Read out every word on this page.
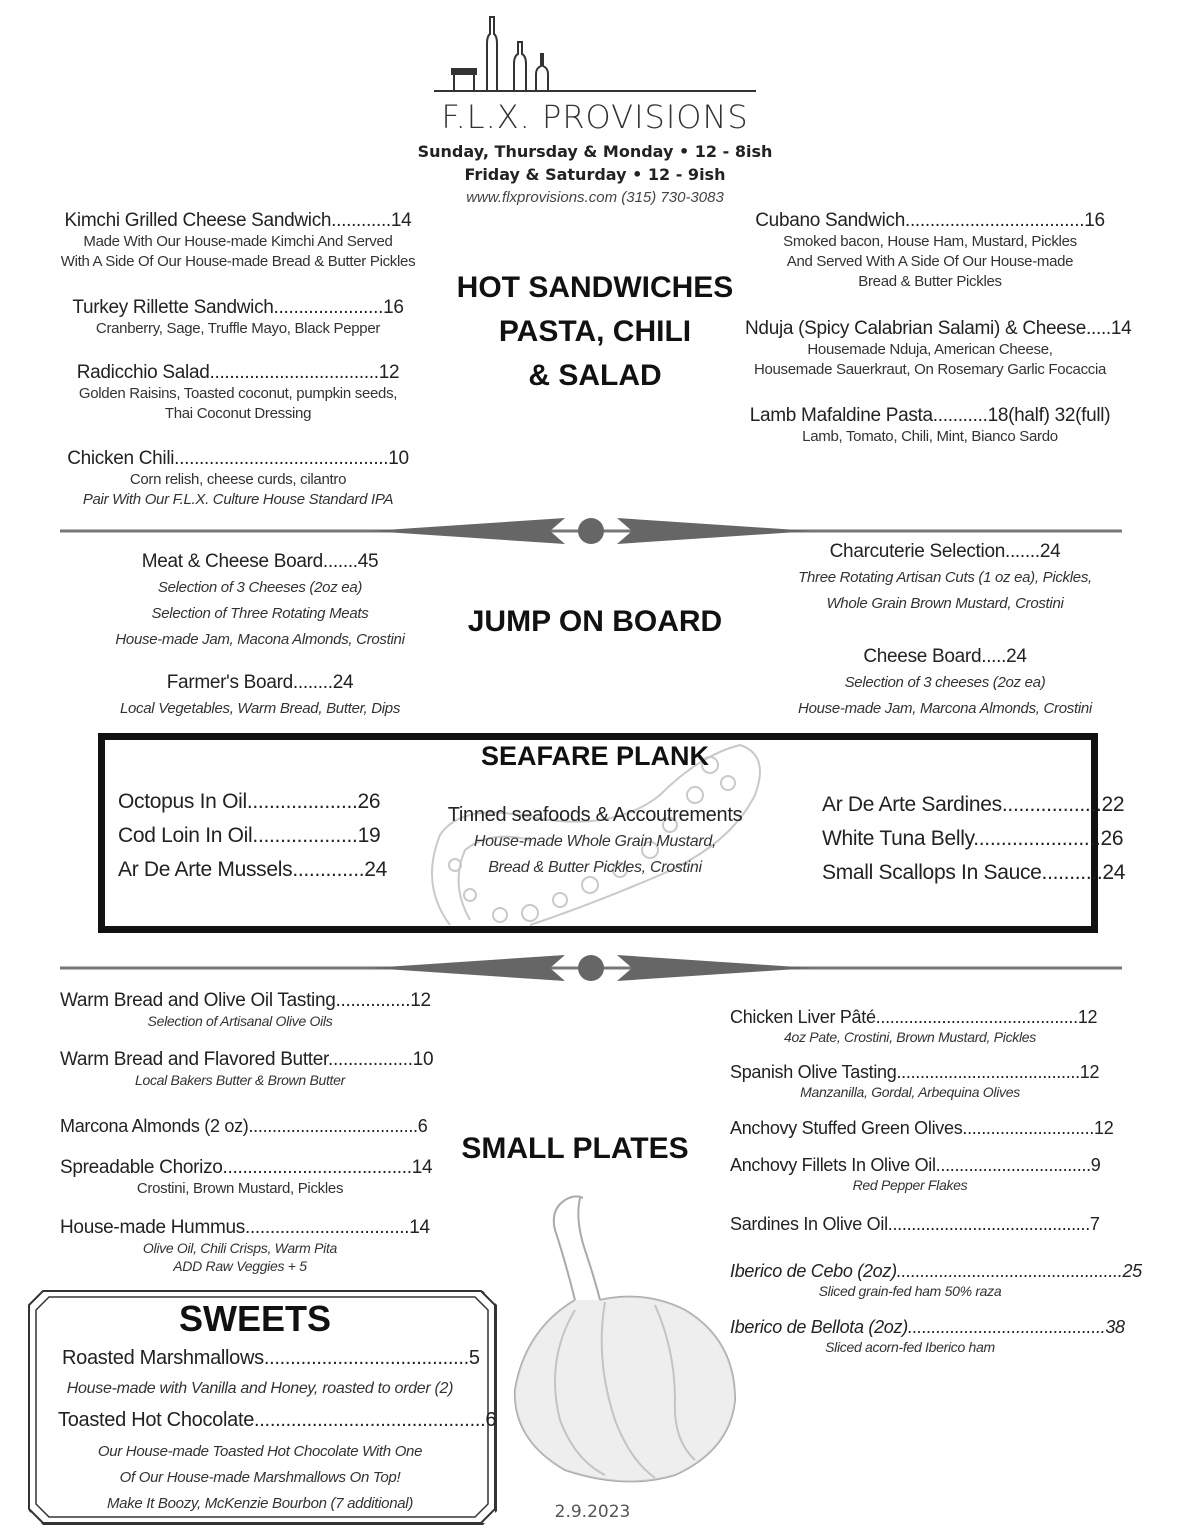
F.L.X. PROVISIONS
Sunday, Thursday & Monday • 12 - 8ish
Friday & Saturday • 12 - 9ish
www.flxprovisions.com (315) 730-3083
HOT SANDWICHES
PASTA, CHILI
& SALAD
Kimchi Grilled Cheese Sandwich............14
Made With Our House-made Kimchi And Served
With A Side Of Our House-made Bread & Butter Pickles
Turkey Rillette Sandwich......................16
Cranberry, Sage, Truffle Mayo, Black Pepper
Radicchio Salad..................................12
Golden Raisins, Toasted coconut, pumpkin seeds,
Thai Coconut Dressing
Chicken Chili...........................................10
Corn relish, cheese curds, cilantro
Pair With Our F.L.X. Culture House Standard IPA
Cubano Sandwich....................................16
Smoked bacon, House Ham, Mustard, Pickles
And Served With A Side Of Our House-made
Bread & Butter Pickles
Nduja (Spicy Calabrian Salami) & Cheese.....14
Housemade Nduja, American Cheese,
Housemade Sauerkraut, On Rosemary Garlic Focaccia
Lamb Mafaldine Pasta...........18(half) 32(full)
Lamb, Tomato, Chili, Mint, Bianco Sardo
JUMP ON BOARD
Meat & Cheese Board.......45
Selection of 3 Cheeses (2oz ea)
Selection of Three Rotating Meats
House-made Jam, Macona Almonds, Crostini
Farmer's Board........24
Local Vegetables, Warm Bread, Butter, Dips
Charcuterie Selection.......24
Three Rotating Artisan Cuts (1 oz ea), Pickles,
Whole Grain Brown Mustard, Crostini
Cheese Board.....24
Selection of 3 cheeses (2oz ea)
House-made Jam, Marcona Almonds, Crostini
SEAFARE PLANK
Tinned seafoods & Accoutrements
House-made Whole Grain Mustard,
Bread & Butter Pickles, Crostini
Octopus In Oil....................26
Cod Loin In Oil...................19
Ar De Arte Mussels.............24
Ar De Arte Sardines..................22
White Tuna Belly.......................26
Small Scallops In Sauce...........24
SMALL PLATES
Warm Bread and Olive Oil Tasting...............12
Selection of Artisanal Olive Oils
Warm Bread and Flavored Butter.................10
Local Bakers Butter & Brown Butter
Marcona Almonds (2 oz)....................................6
Spreadable Chorizo......................................14
Crostini, Brown Mustard, Pickles
House-made Hummus.................................14
Olive Oil, Chili Crisps, Warm Pita
ADD Raw Veggies + 5
Chicken Liver Pâté...........................................12
4oz Pate, Crostini, Brown Mustard, Pickles
Spanish Olive Tasting.......................................12
Manzanilla, Gordal, Arbequina Olives
Anchovy Stuffed Green Olives............................12
Anchovy Fillets In Olive Oil.................................9
Red Pepper Flakes
Sardines In Olive Oil...........................................7
Iberico de Cebo (2oz)................................................25
Sliced grain-fed ham 50% raza
Iberico de Bellota (2oz)..........................................38
Sliced acorn-fed Iberico ham
SWEETS
Roasted Marshmallows.......................................5
House-made with Vanilla and Honey, roasted to order (2)
Toasted Hot Chocolate............................................6
Our House-made Toasted Hot Chocolate With One
Of Our House-made Marshmallows On Top!
Make It Boozy, McKenzie Bourbon (7 additional)	2.9.2023
